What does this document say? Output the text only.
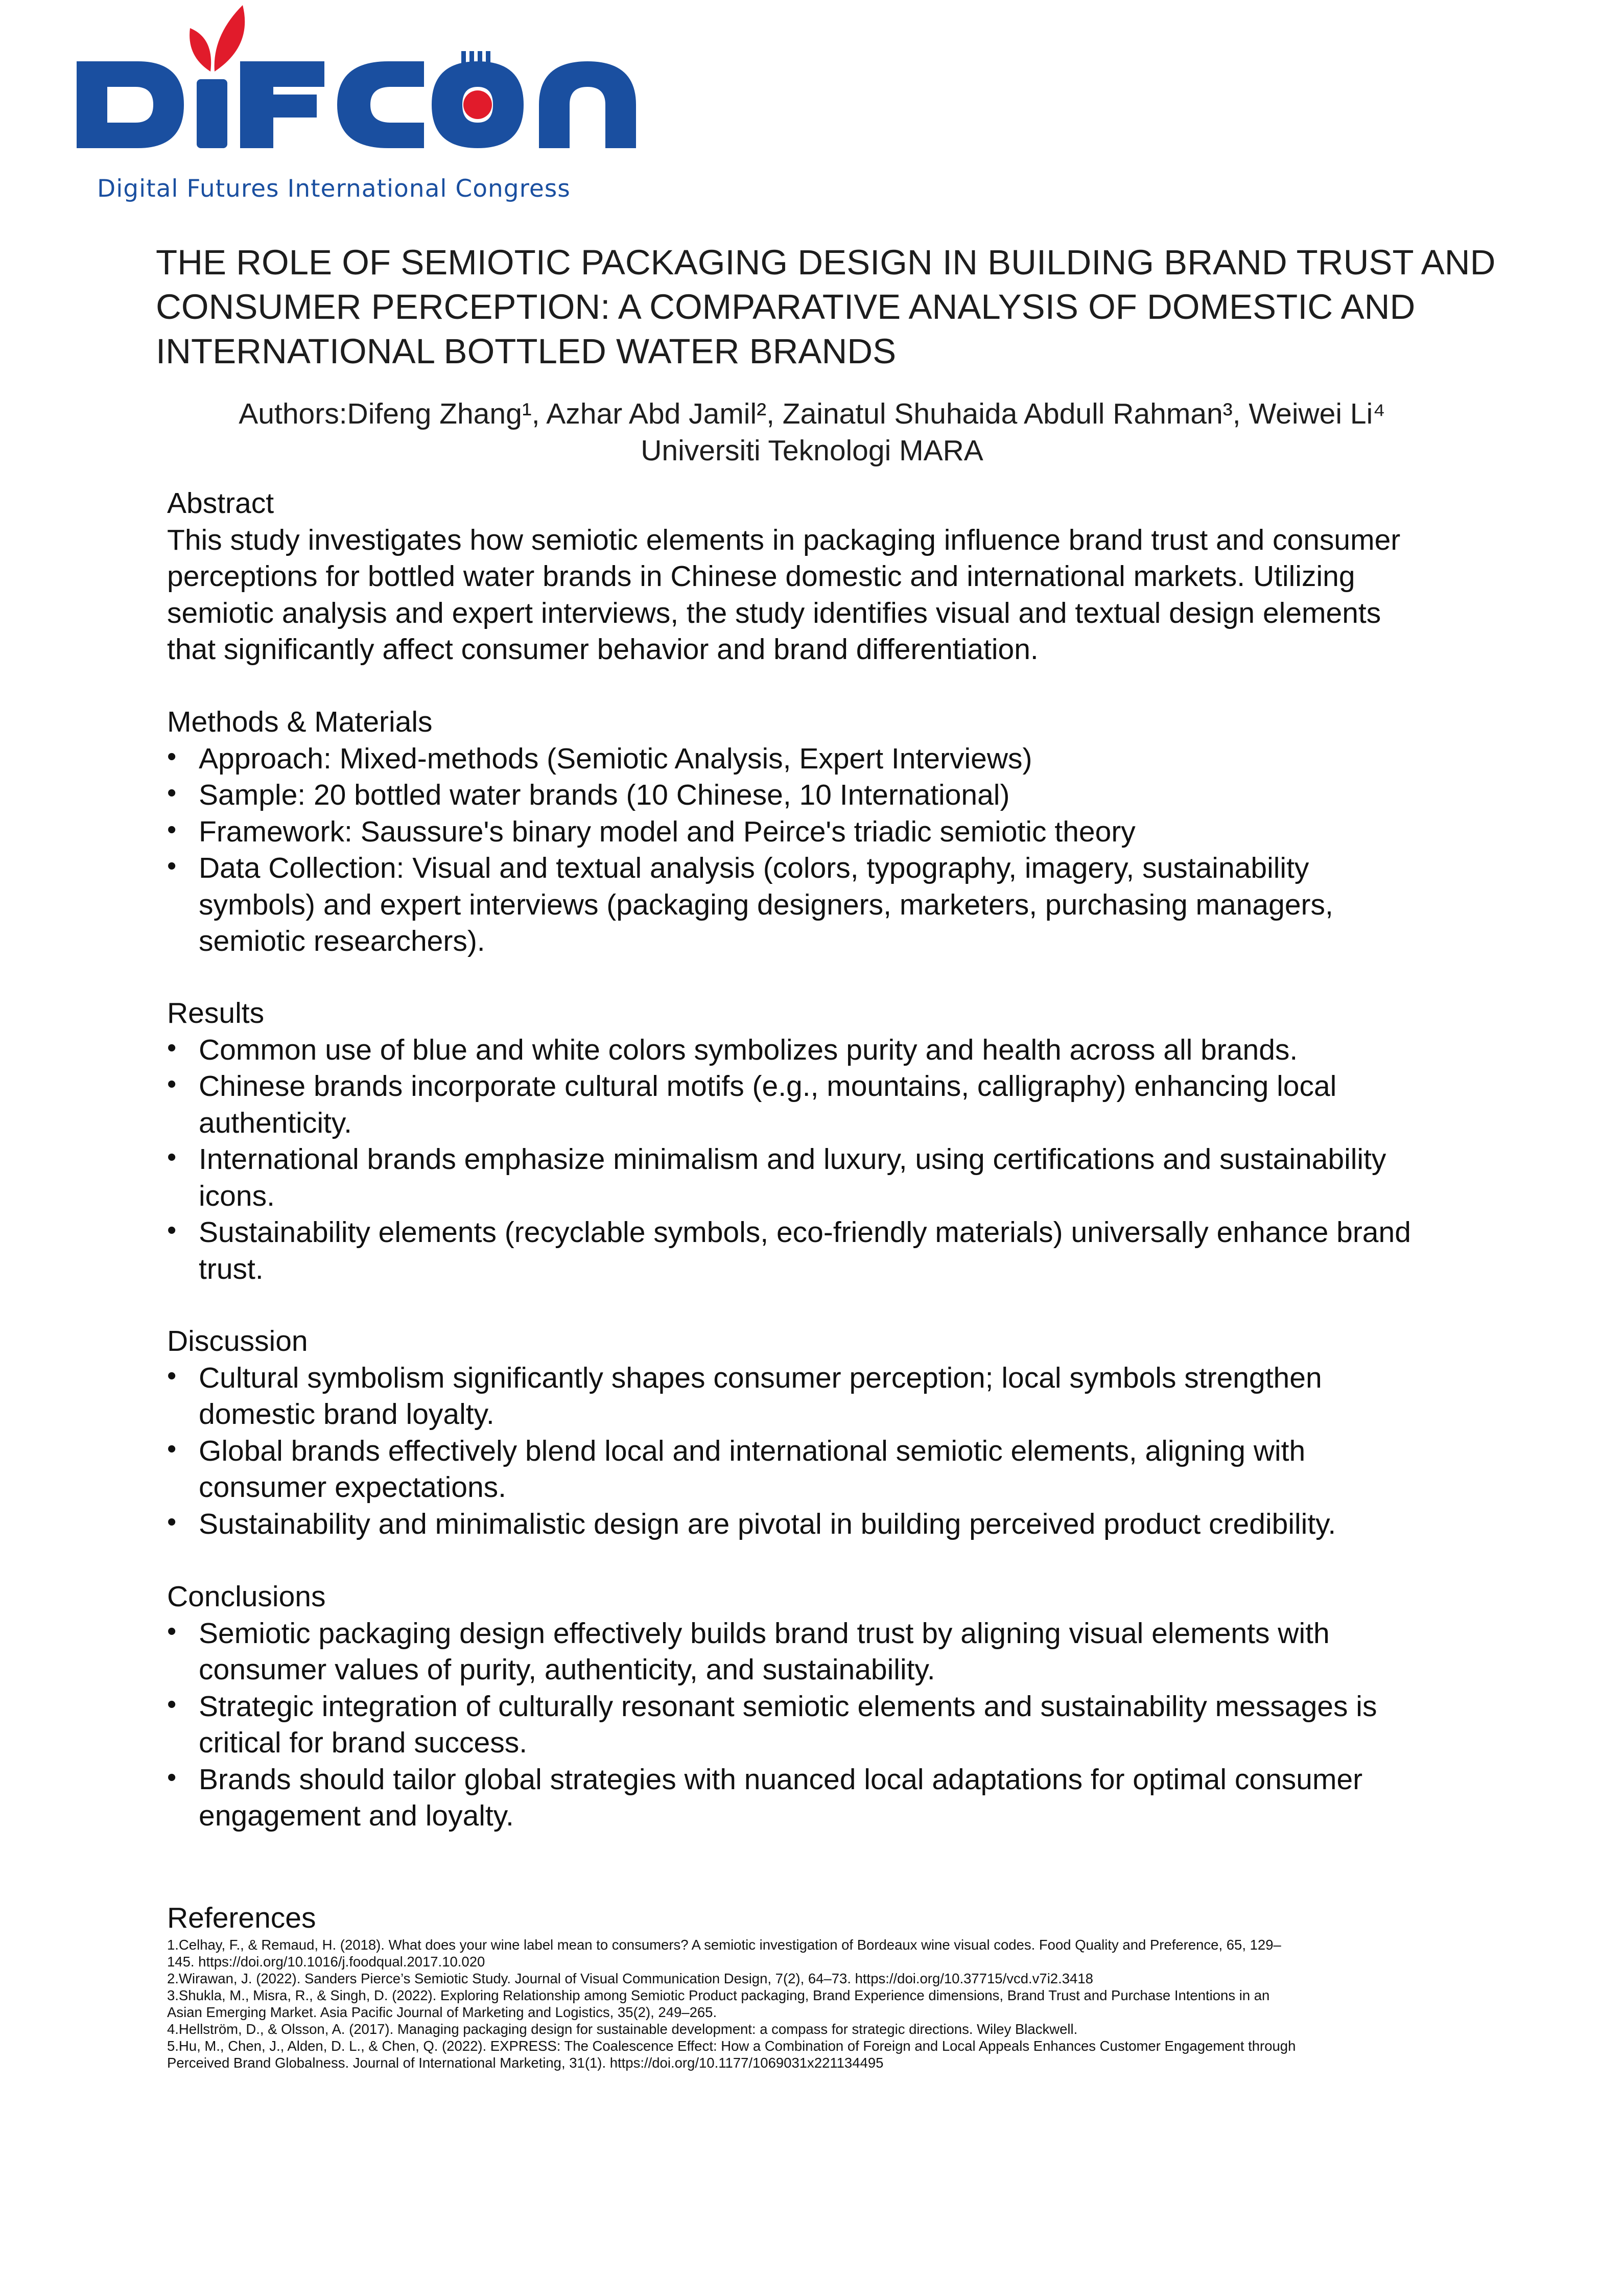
Digital Futures International Congress
THE ROLE OF SEMIOTIC PACKAGING DESIGN IN BUILDING BRAND TRUST AND
CONSUMER PERCEPTION: A COMPARATIVE ANALYSIS OF DOMESTIC AND
INTERNATIONAL BOTTLED WATER BRANDS
Authors:Difeng Zhang¹, Azhar Abd Jamil², Zainatul Shuhaida Abdull Rahman³, Weiwei Li⁴
Universiti Teknologi MARA
Abstract

This study investigates how semiotic elements in packaging influence brand trust and consumer

perceptions for bottled water brands in Chinese domestic and international markets. Utilizing

semiotic analysis and expert interviews, the study identifies visual and textual design elements

that significantly affect consumer behavior and brand differentiation.

Methods & Materials
• Approach: Mixed-methods (Semiotic Analysis, Expert Interviews)
• Sample: 20 bottled water brands (10 Chinese, 10 International)
• Framework: Saussure's binary model and Peirce's triadic semiotic theory
• Data Collection: Visual and textual analysis (colors, typography, imagery, sustainability
symbols) and expert interviews (packaging designers, marketers, purchasing managers,
semiotic researchers).
Results
• Common use of blue and white colors symbolizes purity and health across all brands.
• Chinese brands incorporate cultural motifs (e.g., mountains, calligraphy) enhancing local
authenticity.
• International brands emphasize minimalism and luxury, using certifications and sustainability
icons.
• Sustainability elements (recyclable symbols, eco-friendly materials) universally enhance brand
trust.
Discussion
• Cultural symbolism significantly shapes consumer perception; local symbols strengthen
domestic brand loyalty.
• Global brands effectively blend local and international semiotic elements, aligning with
consumer expectations.
• Sustainability and minimalistic design are pivotal in building perceived product credibility.
Conclusions
• Semiotic packaging design effectively builds brand trust by aligning visual elements with
consumer values of purity, authenticity, and sustainability.
• Strategic integration of culturally resonant semiotic elements and sustainability messages is
critical for brand success.
• Brands should tailor global strategies with nuanced local adaptations for optimal consumer
engagement and loyalty.
References
1.Celhay, F., & Remaud, H. (2018). What does your wine label mean to consumers? A semiotic investigation of Bordeaux wine visual codes. Food Quality and Preference, 65, 129–
145. https://doi.org/10.1016/j.foodqual.2017.10.020
2.Wirawan, J. (2022). Sanders Pierce’s Semiotic Study. Journal of Visual Communication Design, 7(2), 64–73. https://doi.org/10.37715/vcd.v7i2.3418
3.Shukla, M., Misra, R., & Singh, D. (2022). Exploring Relationship among Semiotic Product packaging, Brand Experience dimensions, Brand Trust and Purchase Intentions in an
Asian Emerging Market. Asia Pacific Journal of Marketing and Logistics, 35(2), 249–265.
4.Hellström, D., & Olsson, A. (2017). Managing packaging design for sustainable development: a compass for strategic directions. Wiley Blackwell.
5.Hu, M., Chen, J., Alden, D. L., & Chen, Q. (2022). EXPRESS: The Coalescence Effect: How a Combination of Foreign and Local Appeals Enhances Customer Engagement through
Perceived Brand Globalness. Journal of International Marketing, 31(1). https://doi.org/10.1177/1069031x221134495
